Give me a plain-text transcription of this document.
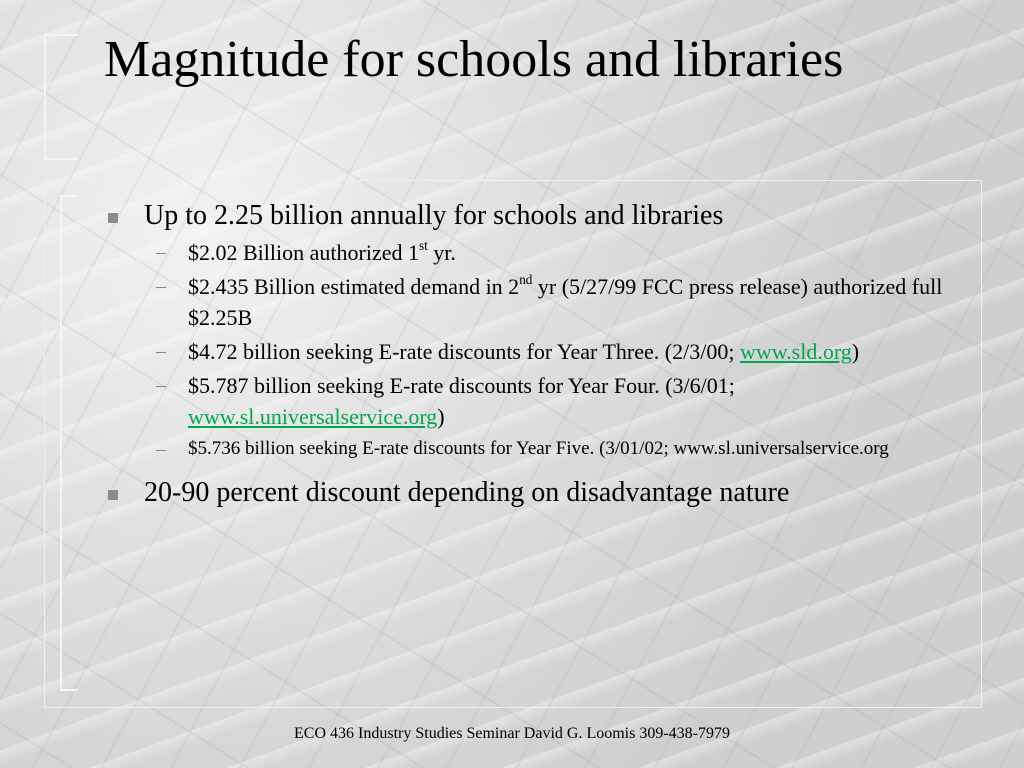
Magnitude for schools and libraries
Up to 2.25 billion annually for schools and libraries
– $2.02 Billion authorized 1st yr.
– $2.435 Billion estimated demand in 2nd yr (5/27/99 FCC press release) authorized full $2.25B
– $4.72 billion seeking E-rate discounts for Year Three. (2/3/00; www.sld.org)
– $5.787 billion seeking E-rate discounts for Year Four. (3/6/01; www.sl.universalservice.org)
– $5.736 billion seeking E-rate discounts for Year Five. (3/01/02; www.sl.universalservice.org
20-90 percent discount depending on disadvantage nature
ECO 436 Industry Studies Seminar David G. Loomis 309-438-7979
